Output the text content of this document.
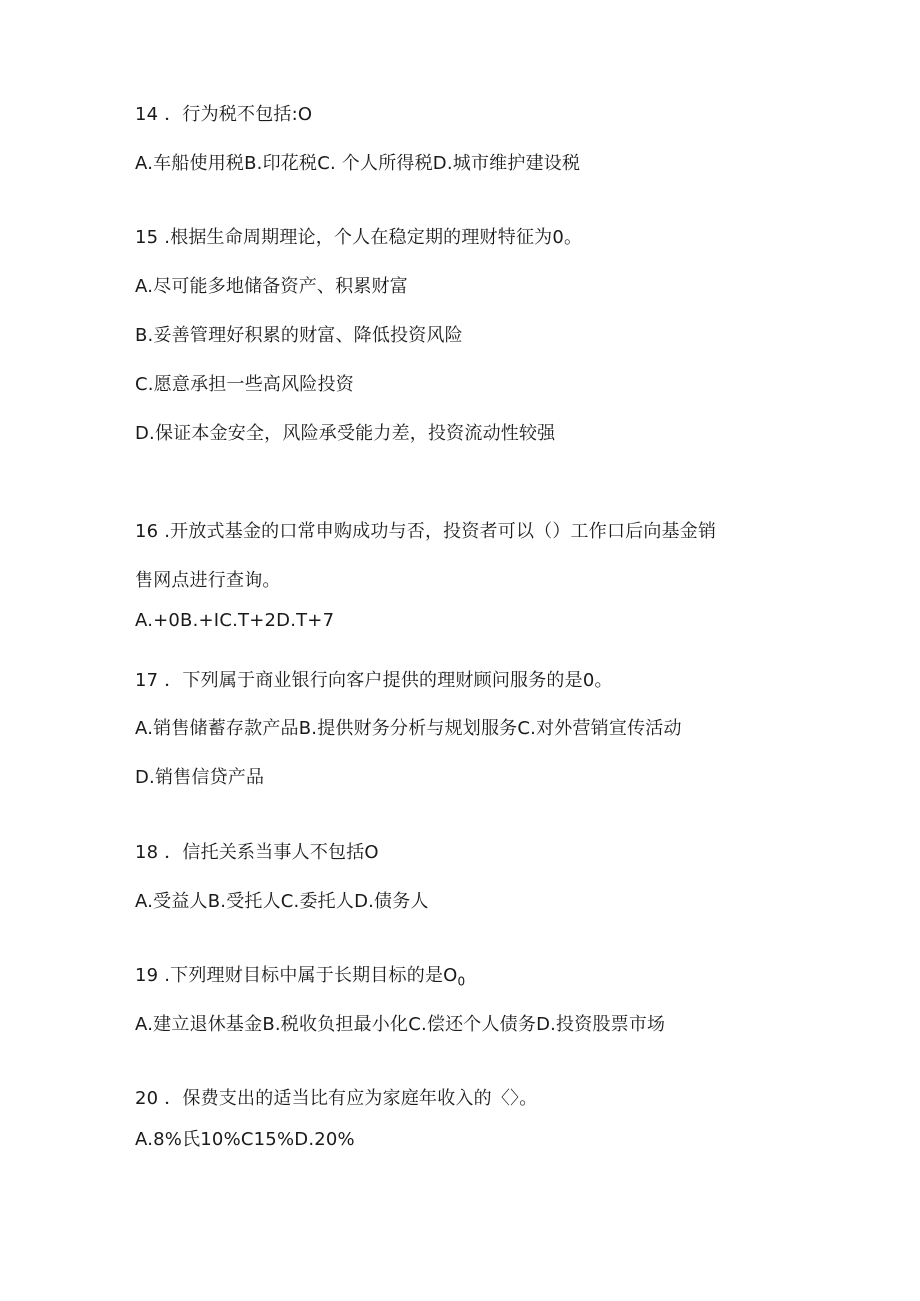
14 ．行为税不包括:O
A.车船使用税B.印花税C. 个人所得税D.城市维护建设税
15 .根据生命周期理论，个人在稳定期的理财特征为0。
A.尽可能多地储备资产、积累财富
B.妥善管理好积累的财富、降低投资风险
C.愿意承担一些高风险投资
D.保证本金安全，风险承受能力差，投资流动性较强
16 .开放式基金的口常申购成功与否，投资者可以（）工作口后向基金销
售网点进行查询。
A.+0B.+IC.T+2D.T+7
17 ．下列属于商业银行向客户提供的理财顾问服务的是0。
A.销售储蓄存款产品B.提供财务分析与规划服务C.对外营销宣传活动
D.销售信贷产品
18 ．信托关系当事人不包括O
A.受益人B.受托人C.委托人D.债务人
19 .下列理财目标中属于长期目标的是$O_0$
A.建立退休基金B.税收负担最小化C.偿还个人债务D.投资股票市场
20 ．保费支出的适当比有应为家庭年收入的〈〉。
A.8%氏10%C15%D.20%
